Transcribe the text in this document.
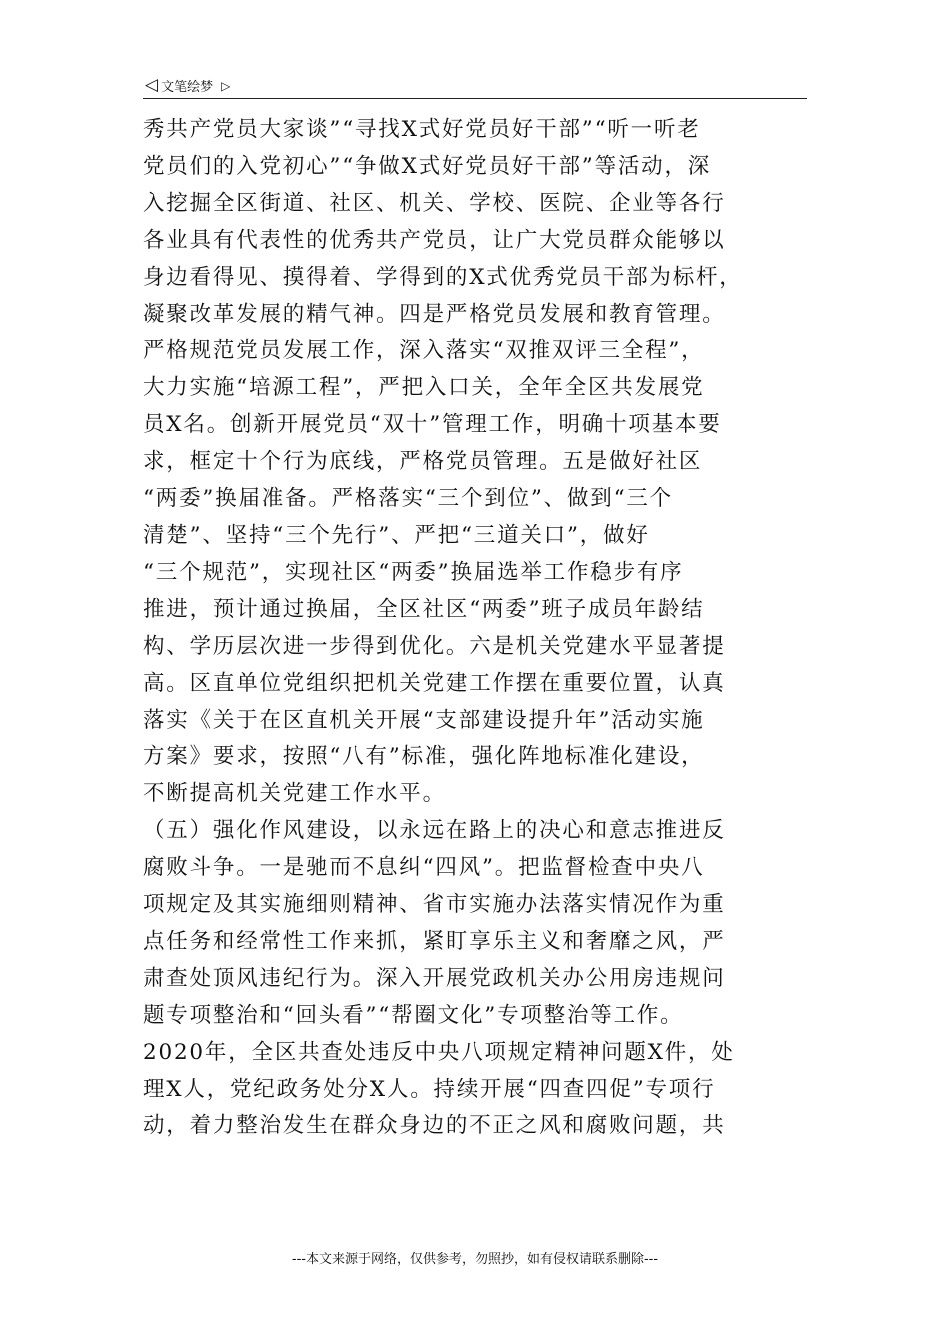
◁ 文笔绘梦 ▷

秀共产党员大家谈”“寻找X式好党员好干部”“听一听老

党员们的入党初心”“争做X式好党员好干部”等活动，深

入挖掘全区街道、社区、机关、学校、医院、企业等各行

各业具有代表性的优秀共产党员，让广大党员群众能够以

身边看得见、摸得着、学得到的X式优秀党员干部为标杆，

凝聚改革发展的精气神。四是严格党员发展和教育管理。

严格规范党员发展工作，深入落实“双推双评三全程”，

大力实施“培源工程”，严把入口关，全年全区共发展党

员X名。创新开展党员“双十”管理工作，明确十项基本要

求，框定十个行为底线，严格党员管理。五是做好社区

“两委”换届准备。严格落实“三个到位”、做到“三个

清楚”、坚持“三个先行”、严把“三道关口”，做好

“三个规范”，实现社区“两委”换届选举工作稳步有序

推进，预计通过换届，全区社区“两委”班子成员年龄结

构、学历层次进一步得到优化。六是机关党建水平显著提

高。区直单位党组织把机关党建工作摆在重要位置，认真

落实《关于在区直机关开展“支部建设提升年”活动实施

方案》要求，按照“八有”标准，强化阵地标准化建设，

不断提高机关党建工作水平。

（五）强化作风建设，以永远在路上的决心和意志推进反

腐败斗争。一是驰而不息纠“四风”。把监督检查中央八

项规定及其实施细则精神、省市实施办法落实情况作为重

点任务和经常性工作来抓，紧盯享乐主义和奢靡之风，严

肃查处顶风违纪行为。深入开展党政机关办公用房违规问

题专项整治和“回头看”“帮圈文化”专项整治等工作。

2020年，全区共查处违反中央八项规定精神问题X件，处

理X人，党纪政务处分X人。持续开展“四查四促”专项行

动，着力整治发生在群众身边的不正之风和腐败问题，共

---本文来源于网络，仅供参考，勿照抄，如有侵权请联系删除---
